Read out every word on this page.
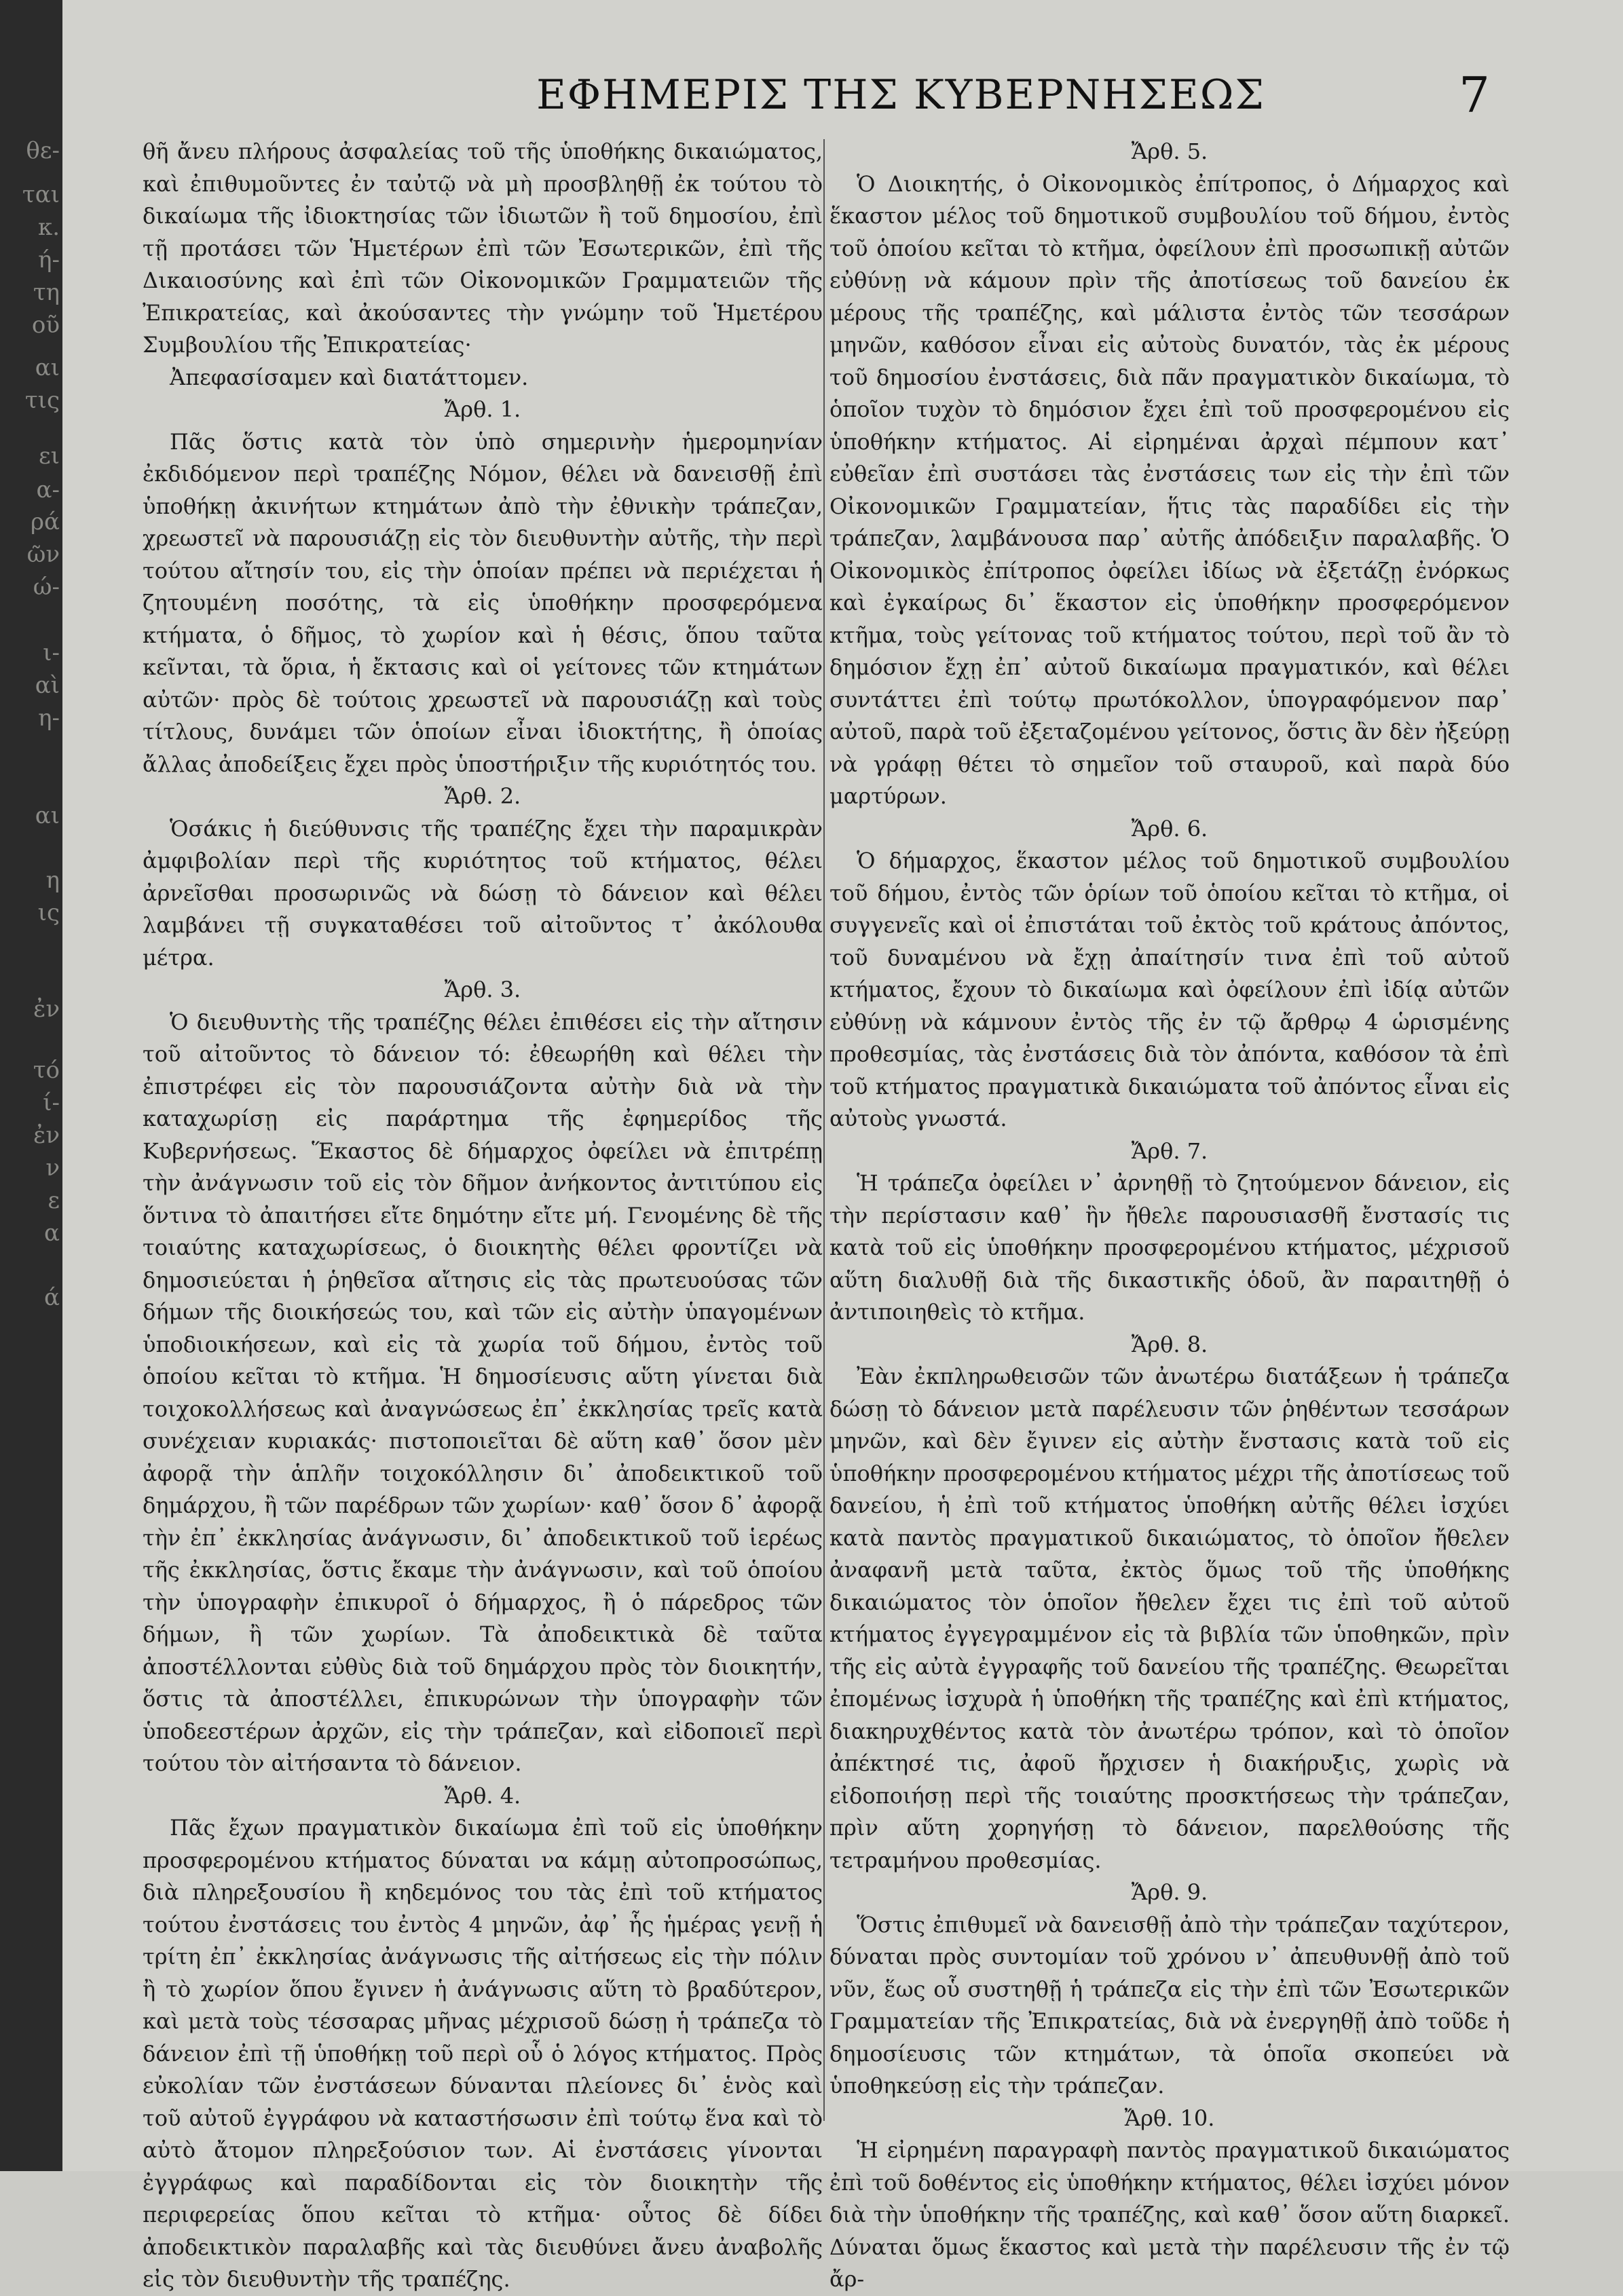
θε-
ται
κ.
ή-
τη
οῦ
αι
τις
ει
α-
ρά
ῶν
ώ-
ι-
αὶ
η-
αι
η
ις
ἐν
τό
ί-
ἐν
ν
ε
α
ά
ΕΦΗΜΕΡΙΣ ΤΗΣ ΚΥΒΕΡΝΗΣΕΩΣ	7

θῆ ἄνευ πλήρους ἀσφαλείας τοῦ τῆς ὑποθήκης δικαιώματος, καὶ ἐπιθυμοῦντες ἐν ταὐτῷ νὰ μὴ προσβληθῇ ἐκ τούτου τὸ δικαίωμα τῆς ἰδιοκτησίας τῶν ἰδιωτῶν ἢ τοῦ δημοσίου, ἐπὶ τῇ προτάσει τῶν Ἡμετέρων ἐπὶ τῶν Ἐσωτερικῶν, ἐπὶ τῆς Δικαιοσύνης καὶ ἐπὶ τῶν Οἰκονομικῶν Γραμματειῶν τῆς Ἐπικρατείας, καὶ ἀκούσαντες τὴν γνώμην τοῦ Ἡμετέρου Συμβουλίου τῆς Ἐπικρατείας·

Ἀπεφασίσαμεν καὶ διατάττομεν.

Ἄρθ. 1.

Πᾶς ὅστις κατὰ τὸν ὑπὸ σημερινὴν ἡμερομηνίαν ἐκδιδόμενον περὶ τραπέζης Νόμον, θέλει νὰ δανεισθῇ ἐπὶ ὑποθήκῃ ἀκινήτων κτημάτων ἀπὸ τὴν ἐθνικὴν τράπεζαν, χρεωστεῖ νὰ παρουσιάζῃ εἰς τὸν διευθυντὴν αὐτῆς, τὴν περὶ τούτου αἴτησίν του, εἰς τὴν ὁποίαν πρέπει νὰ περιέχεται ἡ ζητουμένη ποσότης, τὰ εἰς ὑποθήκην προσφερόμενα κτήματα, ὁ δῆμος, τὸ χωρίον καὶ ἡ θέσις, ὅπου ταῦτα κεῖνται, τὰ ὅρια, ἡ ἔκτασις καὶ οἱ γείτονες τῶν κτημάτων αὐτῶν· πρὸς δὲ τούτοις χρεωστεῖ νὰ παρουσιάζῃ καὶ τοὺς τίτλους, δυνάμει τῶν ὁποίων εἶναι ἰδιοκτήτης, ἢ ὁποίας ἄλλας ἀποδείξεις ἔχει πρὸς ὑποστήριξιν τῆς κυριότητός του.

Ἄρθ. 2.

Ὁσάκις ἡ διεύθυνσις τῆς τραπέζης ἔχει τὴν παραμικρὰν ἀμφιβολίαν περὶ τῆς κυριότητος τοῦ κτήματος, θέλει ἀρνεῖσθαι προσωρινῶς νὰ δώσῃ τὸ δάνειον καὶ θέλει λαμβάνει τῇ συγκαταθέσει τοῦ αἰτοῦντος τ᾽ ἀκόλουθα μέτρα.

Ἄρθ. 3.

Ὁ διευθυντὴς τῆς τραπέζης θέλει ἐπιθέσει εἰς τὴν αἴτησιν τοῦ αἰτοῦντος τὸ δάνειον τό: ἐθεωρήθη καὶ θέλει τὴν ἐπιστρέφει εἰς τὸν παρουσιάζοντα αὐτὴν διὰ νὰ τὴν καταχωρίσῃ εἰς παράρτημα τῆς ἐφημερίδος τῆς Κυβερνήσεως. Ἕκαστος δὲ δήμαρχος ὀφείλει νὰ ἐπιτρέπῃ τὴν ἀνάγνωσιν τοῦ εἰς τὸν δῆμον ἀνήκοντος ἀντιτύπου εἰς ὅντινα τὸ ἀπαιτήσει εἴτε δημότην εἴτε μή. Γενομένης δὲ τῆς τοιαύτης καταχωρίσεως, ὁ διοικητὴς θέλει φροντίζει νὰ δημοσιεύεται ἡ ῥηθεῖσα αἴτησις εἰς τὰς πρωτευούσας τῶν δήμων τῆς διοικήσεώς του, καὶ τῶν εἰς αὐτὴν ὑπαγομένων ὑποδιοικήσεων, καὶ εἰς τὰ χωρία τοῦ δήμου, ἐντὸς τοῦ ὁποίου κεῖται τὸ κτῆμα. Ἡ δημοσίευσις αὕτη γίνεται διὰ τοιχοκολλήσεως καὶ ἀναγνώσεως ἐπ᾽ ἐκκλησίας τρεῖς κατὰ συνέχειαν κυριακάς· πιστοποιεῖται δὲ αὕτη καθ᾽ ὅσον μὲν ἀφορᾷ τὴν ἁπλῆν τοιχοκόλλησιν δι᾽ ἀποδεικτικοῦ τοῦ δημάρχου, ἢ τῶν παρέδρων τῶν χωρίων· καθ᾽ ὅσον δ᾽ ἀφορᾷ τὴν ἐπ᾽ ἐκκλησίας ἀνάγνωσιν, δι᾽ ἀποδεικτικοῦ τοῦ ἱερέως τῆς ἐκκλησίας, ὅστις ἔκαμε τὴν ἀνάγνωσιν, καὶ τοῦ ὁποίου τὴν ὑπογραφὴν ἐπικυροῖ ὁ δήμαρχος, ἢ ὁ πάρεδρος τῶν δήμων, ἢ τῶν χωρίων. Τὰ ἀποδεικτικὰ δὲ ταῦτα ἀποστέλλονται εὐθὺς διὰ τοῦ δημάρχου πρὸς τὸν διοικητήν, ὅστις τὰ ἀποστέλλει, ἐπικυρώνων τὴν ὑπογραφὴν τῶν ὑποδεεστέρων ἀρχῶν, εἰς τὴν τράπεζαν, καὶ εἰδοποιεῖ περὶ τούτου τὸν αἰτήσαντα τὸ δάνειον.

Ἄρθ. 4.

Πᾶς ἔχων πραγματικὸν δικαίωμα ἐπὶ τοῦ εἰς ὑποθήκην προσφερομένου κτήματος δύναται να κάμῃ αὐτοπροσώπως, διὰ πληρεξουσίου ἢ κηδεμόνος του τὰς ἐπὶ τοῦ κτήματος τούτου ἐνστάσεις του ἐντὸς 4 μηνῶν, ἀφ᾽ ἧς ἡμέρας γενῇ ἡ τρίτη ἐπ᾽ ἐκκλησίας ἀνάγνωσις τῆς αἰτήσεως εἰς τὴν πόλιν ἢ τὸ χωρίον ὅπου ἔγινεν ἡ ἀνάγνωσις αὕτη τὸ βραδύτερον, καὶ μετὰ τοὺς τέσσαρας μῆνας μέχρισοῦ δώσῃ ἡ τράπεζα τὸ δάνειον ἐπὶ τῇ ὑποθήκῃ τοῦ περὶ οὗ ὁ λόγος κτήματος. Πρὸς εὐκολίαν τῶν ἐνστάσεων δύνανται πλείονες δι᾽ ἑνὸς καὶ τοῦ αὐτοῦ ἐγγράφου νὰ καταστήσωσιν ἐπὶ τούτῳ ἕνα καὶ τὸ αὐτὸ ἄτομον πληρεξούσιον των. Αἱ ἐνστάσεις γίνονται ἐγγράφως καὶ παραδίδονται εἰς τὸν διοικητὴν τῆς περιφερείας ὅπου κεῖται τὸ κτῆμα· οὗτος δὲ δίδει ἀποδεικτικὸν παραλαβῆς καὶ τὰς διευθύνει ἄνευ ἀναβολῆς εἰς τὸν διευθυντὴν τῆς τραπέζης.

Ἄρθ. 5.

Ὁ Διοικητής, ὁ Οἰκονομικὸς ἐπίτροπος, ὁ Δήμαρχος καὶ ἕκαστον μέλος τοῦ δημοτικοῦ συμβουλίου τοῦ δήμου, ἐντὸς τοῦ ὁποίου κεῖται τὸ κτῆμα, ὀφείλουν ἐπὶ προσωπικῇ αὐτῶν εὐθύνῃ νὰ κάμουν πρὶν τῆς ἀποτίσεως τοῦ δανείου ἐκ μέρους τῆς τραπέζης, καὶ μάλιστα ἐντὸς τῶν τεσσάρων μηνῶν, καθόσον εἶναι εἰς αὐτοὺς δυνατόν, τὰς ἐκ μέρους τοῦ δημοσίου ἐνστάσεις, διὰ πᾶν πραγματικὸν δικαίωμα, τὸ ὁποῖον τυχὸν τὸ δημόσιον ἔχει ἐπὶ τοῦ προσφερομένου εἰς ὑποθήκην κτήματος. Αἱ εἰρημέναι ἀρχαὶ πέμπουν κατ᾽ εὐθεῖαν ἐπὶ συστάσει τὰς ἐνστάσεις των εἰς τὴν ἐπὶ τῶν Οἰκονομικῶν Γραμματείαν, ἥτις τὰς παραδίδει εἰς τὴν τράπεζαν, λαμβάνουσα παρ᾽ αὐτῆς ἀπόδειξιν παραλαβῆς. Ὁ Οἰκονομικὸς ἐπίτροπος ὀφείλει ἰδίως νὰ ἐξετάζῃ ἐνόρκως καὶ ἐγκαίρως δι᾽ ἕκαστον εἰς ὑποθήκην προσφερόμενον κτῆμα, τοὺς γείτονας τοῦ κτήματος τούτου, περὶ τοῦ ἂν τὸ δημόσιον ἔχῃ ἐπ᾽ αὐτοῦ δικαίωμα πραγματικόν, καὶ θέλει συντάττει ἐπὶ τούτῳ πρωτόκολλον, ὑπογραφόμενον παρ᾽ αὐτοῦ, παρὰ τοῦ ἐξεταζομένου γείτονος, ὅστις ἂν δὲν ἠξεύρῃ νὰ γράφῃ θέτει τὸ σημεῖον τοῦ σταυροῦ, καὶ παρὰ δύο μαρτύρων.

Ἄρθ. 6.

Ὁ δήμαρχος, ἕκαστον μέλος τοῦ δημοτικοῦ συμβουλίου τοῦ δήμου, ἐντὸς τῶν ὁρίων τοῦ ὁποίου κεῖται τὸ κτῆμα, οἱ συγγενεῖς καὶ οἱ ἐπιστάται τοῦ ἐκτὸς τοῦ κράτους ἀπόντος, τοῦ δυναμένου νὰ ἔχῃ ἀπαίτησίν τινα ἐπὶ τοῦ αὐτοῦ κτήματος, ἔχουν τὸ δικαίωμα καὶ ὀφείλουν ἐπὶ ἰδίᾳ αὐτῶν εὐθύνῃ νὰ κάμνουν ἐντὸς τῆς ἐν τῷ ἄρθρῳ 4 ὡρισμένης προθεσμίας, τὰς ἐνστάσεις διὰ τὸν ἀπόντα, καθόσον τὰ ἐπὶ τοῦ κτήματος πραγματικὰ δικαιώματα τοῦ ἀπόντος εἶναι εἰς αὐτοὺς γνωστά.

Ἄρθ. 7.

Ἡ τράπεζα ὀφείλει ν᾽ ἀρνηθῇ τὸ ζητούμενον δάνειον, εἰς τὴν περίστασιν καθ᾽ ἣν ἤθελε παρουσιασθῆ ἔνστασίς τις κατὰ τοῦ εἰς ὑποθήκην προσφερομένου κτήματος, μέχρισοῦ αὕτη διαλυθῇ διὰ τῆς δικαστικῆς ὁδοῦ, ἂν παραιτηθῇ ὁ ἀντιποιηθεὶς τὸ κτῆμα.

Ἄρθ. 8.

Ἐὰν ἐκπληρωθεισῶν τῶν ἀνωτέρω διατάξεων ἡ τράπεζα δώσῃ τὸ δάνειον μετὰ παρέλευσιν τῶν ῥηθέντων τεσσάρων μηνῶν, καὶ δὲν ἔγινεν εἰς αὐτὴν ἔνστασις κατὰ τοῦ εἰς ὑποθήκην προσφερομένου κτήματος μέχρι τῆς ἀποτίσεως τοῦ δανείου, ἡ ἐπὶ τοῦ κτήματος ὑποθήκη αὐτῆς θέλει ἰσχύει κατὰ παντὸς πραγματικοῦ δικαιώματος, τὸ ὁποῖον ἤθελεν ἀναφανῆ μετὰ ταῦτα, ἐκτὸς ὅμως τοῦ τῆς ὑποθήκης δικαιώματος τὸν ὁποῖον ἤθελεν ἔχει τις ἐπὶ τοῦ αὐτοῦ κτήματος ἐγγεγραμμένον εἰς τὰ βιβλία τῶν ὑποθηκῶν, πρὶν τῆς εἰς αὐτὰ ἐγγραφῆς τοῦ δανείου τῆς τραπέζης. Θεωρεῖται ἐπομένως ἰσχυρὰ ἡ ὑποθήκη τῆς τραπέζης καὶ ἐπὶ κτήματος, διακηρυχθέντος κατὰ τὸν ἀνωτέρω τρόπον, καὶ τὸ ὁποῖον ἀπέκτησέ τις, ἀφοῦ ἤρχισεν ἡ διακήρυξις, χωρὶς νὰ εἰδοποιήσῃ περὶ τῆς τοιαύτης προσκτήσεως τὴν τράπεζαν, πρὶν αὕτη χορηγήσῃ τὸ δάνειον, παρελθούσης τῆς τετραμήνου προθεσμίας.

Ἄρθ. 9.

Ὅστις ἐπιθυμεῖ νὰ δανεισθῇ ἀπὸ τὴν τράπεζαν ταχύτερον, δύναται πρὸς συντομίαν τοῦ χρόνου ν᾽ ἀπευθυνθῇ ἀπὸ τοῦ νῦν, ἕως οὗ συστηθῇ ἡ τράπεζα εἰς τὴν ἐπὶ τῶν Ἐσωτερικῶν Γραμματείαν τῆς Ἐπικρατείας, διὰ νὰ ἐνεργηθῇ ἀπὸ τοῦδε ἡ δημοσίευσις τῶν κτημάτων, τὰ ὁποῖα σκοπεύει νὰ ὑποθηκεύσῃ εἰς τὴν τράπεζαν.

Ἄρθ. 10.

Ἡ εἰρημένη παραγραφὴ παντὸς πραγματικοῦ δικαιώματος ἐπὶ τοῦ δοθέντος εἰς ὑποθήκην κτήματος, θέλει ἰσχύει μόνον διὰ τὴν ὑποθήκην τῆς τραπέζης, καὶ καθ᾽ ὅσον αὕτη διαρκεῖ. Δύναται ὅμως ἕκαστος καὶ μετὰ τὴν παρέλευσιν τῆς ἐν τῷ ἄρ-
